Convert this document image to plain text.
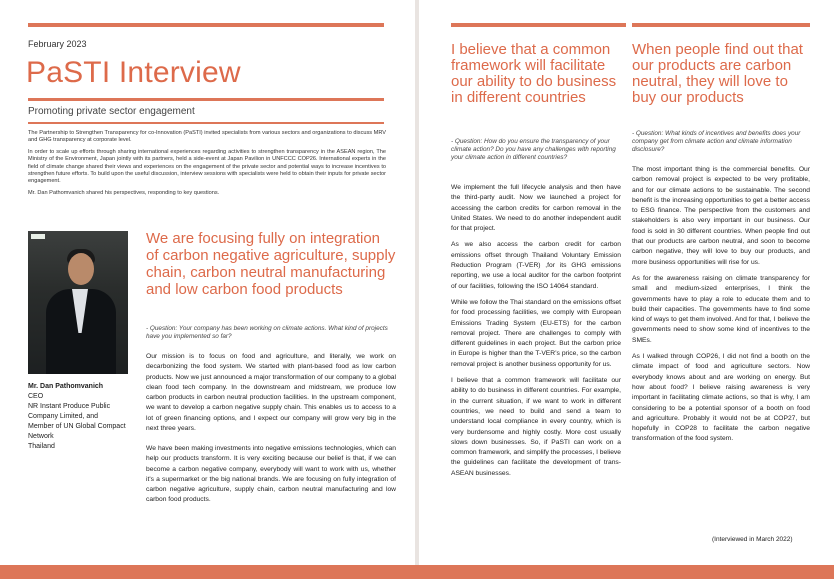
February 2023
PaSTI Interview
Promoting private sector engagement

The Partnership to Strengthen Transparency for co-Innovation (PaSTI) invited specialists from various sectors and organizations to discuss MRV and GHG transparency at corporate level.

In order to scale up efforts through sharing international experiences regarding activities to strengthen transparency in the ASEAN region, The Ministry of the Environment, Japan jointly with its partners, held a side-event at Japan Pavilion in UNFCCC COP26. International experts in the field of climate change shared their views and experiences on the engagement of the private sector and potential ways to increase incentives to strengthen future efforts. To build upon the useful discussion, interview sessions with specialists were held to obtain their inputs for private sector engagement.

Mr. Dan Pathomvanich shared his perspectives, responding to key questions.

Mr. Dan Pathomvanich
CEO
NR Instant Produce Public Company Limited, and
Member of UN Global Compact Network
Thailand
We are focusing fully on integration of carbon negative agriculture, supply chain, carbon neutral manufacturing and low carbon food products
- Question: Your company has been working on climate actions. What kind of projects have you implemented so far?
Our mission is to focus on food and agriculture, and literally, we work on decarbonizing the food system. We started with plant-based food as low carbon products. Now we just announced a major transformation of our company to a global clean food tech company. In the downstream and midstream, we produce low carbon products in carbon neutral production facilities. In the upstream component, we want to develop a carbon negative supply chain. This enables us to access to a lot of green financing options, and I expect our company will grow very big in the next three years.
We have been making investments into negative emissions technologies, which can help our products transform. It is very exciting because our belief is that, if we can become a carbon negative company, everybody will want to work with us, whether it's a supermarket or the big national brands. We are focusing on fully integration of carbon negative agriculture, supply chain, carbon neutral manufacturing and low carbon food products.
I believe that a common framework will facilitate our ability to do business in different countries
- Question: How do you ensure the transparency of your climate action? Do you have any challenges with reporting your climate action in different countries?

We implement the full lifecycle analysis and then have the third-party audit. Now we launched a project for accessing the carbon credits for carbon removal in the United States. We need to do another independent audit for that project.

As we also access the carbon credit for carbon emissions offset through Thailand Voluntary Emission Reduction Program (T-VER) ,for its GHG emissions reporting, we use a local auditor for the carbon footprint of our facilities, following the ISO 14064 standard.

While we follow the Thai standard on the emissions offset for food processing facilities, we comply with European Emissions Trading System (EU-ETS) for the carbon removal project. There are challenges to comply with different guidelines in each project. But the carbon price in Europe is higher than the T-VER’s price, so the carbon removal project is another business opportunity for us.

I believe that a common framework will facilitate our ability to do business in different countries. For example, in the current situation, if we want to work in different countries, we need to build and send a team to understand local compliance in every country, which is very burdensome and highly costly. More cost usually slows down businesses. So, if PaSTI can work on a common framework, and simplify the processes, I believe the guidelines can facilitate the development of trans-ASEAN businesses.

When people find out that our products are carbon neutral, they will love to buy our products
- Question: What kinds of incentives and benefits does your company get from climate action and climate information disclosure?

The most important thing is the commercial benefits. Our carbon removal project is expected to be very profitable, and for our climate actions to be sustainable. The second benefit is the increasing opportunities to get a better access to ESG finance. The perspective from the customers and stakeholders is also very important in our business. Our food is sold in 30 different countries. When people find out that our products are carbon neutral, and soon to become carbon negative, they will love to buy our products, and more business opportunities will rise for us.

As for the awareness raising on climate transparency for small and medium-sized enterprises, I think the governments have to play a role to educate them and to build their capacities. The governments have to find some kind of ways to get them involved. And for that, I believe the governments need to show some kind of incentives to the SMEs.

As I walked through COP26, I did not find a booth on the climate impact of food and agriculture sectors. Now everybody knows about and are working on energy. But how about food? I believe raising awareness is very important in facilitating climate actions, so that is why, I am considering to be a potential sponsor of a booth on food and agriculture. Probably it would not be at COP27, but hopefully in COP28 to facilitate the carbon negative transformation of the food system.

(Interviewed in March 2022)
